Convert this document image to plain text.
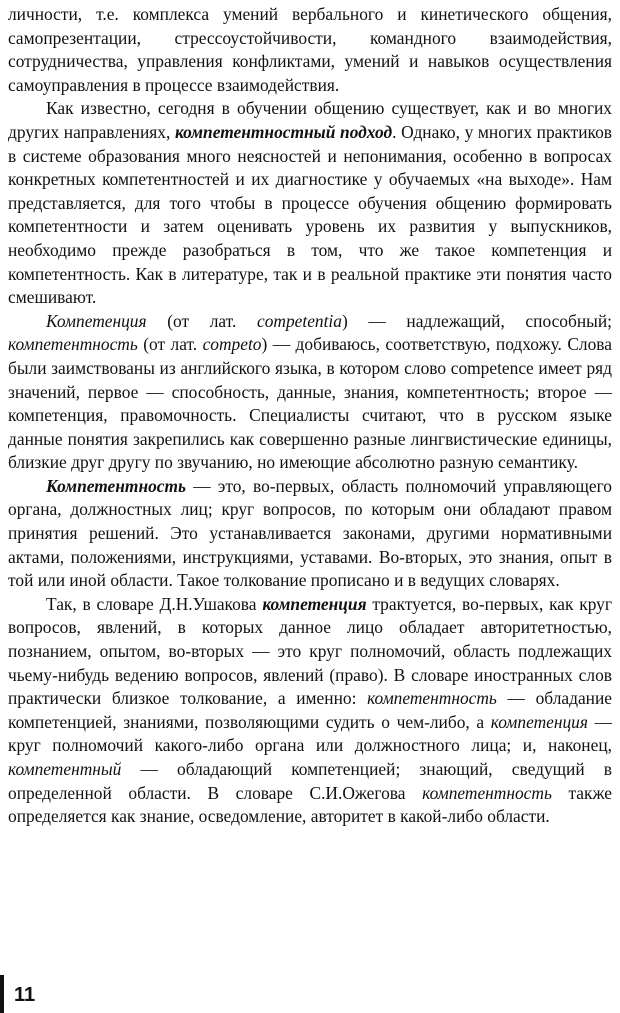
личности, т.е. комплекса умений вербального и кинетического общения, самопрезентации, стрессоустойчивости, командного взаимодействия, сотрудничества, управления конфликтами, умений и навыков осуществления самоуправления в процессе взаимодействия.

Как известно, сегодня в обучении общению существует, как и во многих других направлениях, компетентностный подход. Однако, у многих практиков в системе образования много неясностей и непонимания, особенно в вопросах конкретных компетентностей и их диагностике у обучаемых «на выходе». Нам представляется, для того чтобы в процессе обучения общению формировать компетентности и затем оценивать уровень их развития у выпускников, необходимо прежде разобраться в том, что же такое компетенция и компетентность. Как в литературе, так и в реальной практике эти понятия часто смешивают.

Компетенция (от лат. competentia) — надлежащий, способный; компетентность (от лат. competo) — добиваюсь, соответствую, подхожу. Слова были заимствованы из английского языка, в котором слово competence имеет ряд значений, первое — способность, данные, знания, компетентность; второе — компетенция, правомочность. Специалисты считают, что в русском языке данные понятия закрепились как совершенно разные лингвистические единицы, близкие друг другу по звучанию, но имеющие абсолютно разную семантику.

Компетентность — это, во-первых, область полномочий управляющего органа, должностных лиц; круг вопросов, по которым они обладают правом принятия решений. Это устанавливается законами, другими нормативными актами, положениями, инструкциями, уставами. Во-вторых, это знания, опыт в той или иной области. Такое толкование прописано и в ведущих словарях.

Так, в словаре Д.Н.Ушакова компетенция трактуется, во-первых, как круг вопросов, явлений, в которых данное лицо обладает авторитетностью, познанием, опытом, во-вторых — это круг полномочий, область подлежащих чьему-нибудь ведению вопросов, явлений (право). В словаре иностранных слов практически близкое толкование, а именно: компетентность — обладание компетенцией, знаниями, позволяющими судить о чем-либо, а компетенция — круг полномочий какого-либо органа или должностного лица; и, наконец, компетентный — обладающий компетенцией; знающий, сведущий в определенной области. В словаре С.И.Ожегова компетентность также определяется как знание, осведомление, авторитет в какой-либо области.

11
